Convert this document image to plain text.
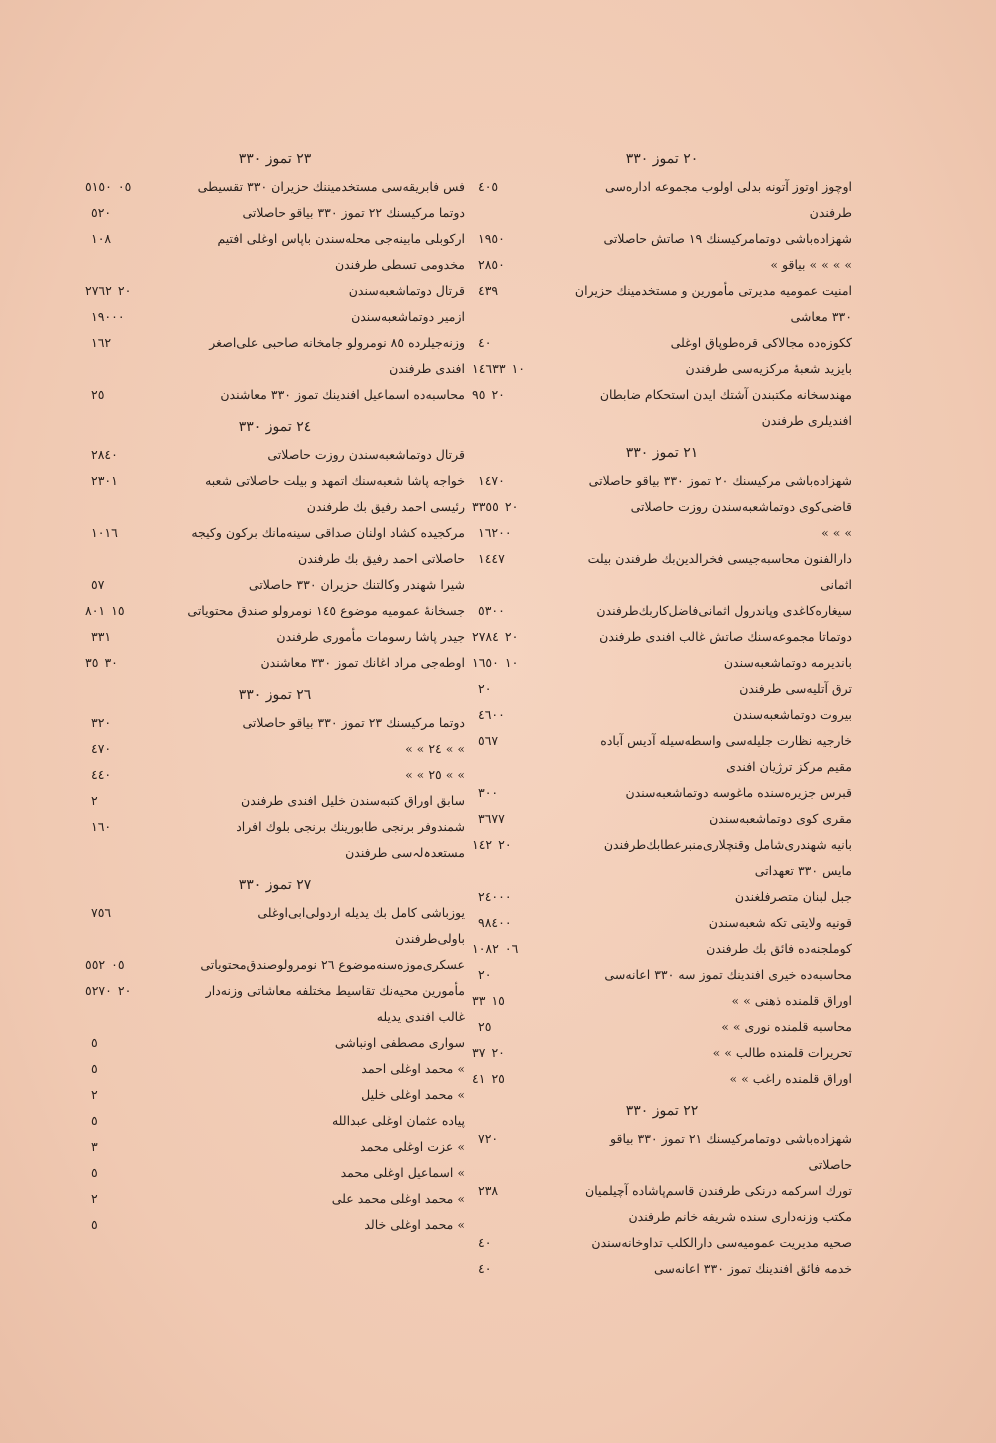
٢٠ تموز ٣٣٠
٤٠٥	اوچوز اوتوز آتونه بدلی اولوب مجموعه اداره‌سی طرفندن
١٩٥٠	شهزاده‌باشی دوتمامرکیسنك ١٩ صاتش حاصلاتی
٢٨٥٠	» » » » بياقو »
٤٣٩	امنیت عمومیه مدیرتی مأمورین و مستخدمینك حزیران ٣٣٠ معاشی
٤٠	ککوزه‌ده مجالاکی قره‌طوپاق اوغلی
١٤٦٣٣ ١٠	بایزید شعبهٔ مرکزیه‌سی طرفندن
٩٥ ٢٠	مهندسخانه مکتبندن آشتك ایدن استحکام ضابطان افندیلری طرفندن
٢١ تموز ٣٣٠
١٤٧٠	شهزاده‌باشی مرکیسنك ٢٠ تموز ٣٣٠ بیاقو حاصلاتی
٣٣٥٥ ٢٠	قاضی‌کوی دوتماشعبه‌سندن روزت حاصلاتی
١٦٢٠٠	» » »
١٤٤٧	دارالفنون محاسبه‌جیسی فخرالدین‌بك طرفندن بیلت اثمانی
٥٣٠٠	سیغاره‌كاغدی وپاندرول اثمانی‌فاضل‌كاربك‌طرفندن
٢٧٨٤ ٢٠	دوتماتا مجموعه‌سنك صاتش غالب افندی طرفندن
١٦٥٠ ١٠	باندیرمه دوتماشعبه‌سندن
٢٠	ترق آتلیه‌سی طرفندن
٤٦٠٠	بیروت دوتماشعبه‌سندن
٥٦٧	خارجیه نظارت جلیله‌سی واسطه‌سیله آدیس آباده مقیم مرکز ترژیان افندی
٣٠٠	قبرس جزیره‌سنده ماغوسه دوتماشعبه‌سندن
٣٦٧٧	مقری کوی دوتماشعبه‌سندن
١٤٢ ٢٠	بانیه شهندری‌شامل وقنچلاری‌منبرعطابك‌طرفندن مایس ٣٣٠ تعهداتی
٢٤٠٠٠	جبل لبنان متصرفلغندن
٩٨٤٠٠	قونیه ولایتی تکه شعبه‌سندن
١٠٨٢ ٠٦	کوملجنه‌ده فائق بك طرفندن
٢٠	محاسبه‌ده خیری افندینك تموز سه ٣٣٠ اعانه‌سی
٣٣ ١٥	اوراق قلمنده ذهنی » »
٢٥	محاسبه قلمنده نوری » »
٣٧ ٢٠	تحریرات قلمنده طالب » »
٤١ ٢٥	اوراق قلمنده راغب » »
٢٢ تموز ٣٣٠
٧٢٠	شهزاده‌باشی دوتمامرکیسنك ٢١ تموز ٣٣٠ بیاقو حاصلاتی
٢٣٨	تورك اسرکمه درنکی طرفندن قاسم‌پاشاده آچیلمیان مکتب وزنه‌داری سنده شریفه خانم طرفندن
٤٠	صحیه مدیریت عمومیه‌سی دارالکلب تداوخانه‌سندن
٤٠	خدمه فائق افندینك تموز ٣٣٠ اعانه‌سی
٢٣ تموز ٣٣٠
٥١٥٠ ٠٥	فس فابریقه‌سی مستخدمیننك حزیران ٣٣٠ تقسیطی
٥٢٠	دوتما مرکیسنك ٢٢ تموز ٣٣٠ بیاقو حاصلاتی
١٠٨	ارکوبلی مابینه‌جی محله‌سندن باپاس اوغلی افتیم مخدومی تسطی طرفندن
٢٧٦٢ ٢٠	قرتال دوتماشعبه‌سندن
١٩٠٠٠	ازمیر دوتماشعبه‌سندن
١٦٢	وزنه‌جیلرده ٨٥ نومرولو جامخانه صاحبی علی‌اصغر افندی طرفندن
٢٥	محاسبه‌ده اسماعیل افندینك تموز ٣٣٠ معاشندن
٢٤ تموز ٣٣٠
٢٨٤٠	قرتال دوتماشعبه‌سندن روزت حاصلاتی
٢٣٠١	خواجه پاشا شعبه‌سنك اتمهد و بیلت حاصلاتی شعبه رئیسی احمد رفیق بك طرفندن
١٠١٦	مرکجیده کشاد اولنان صداقی سینه‌مانك برکون وکیجه حاصلاتی احمد رفیق بك طرفندن
٥٧	شیرا شهندر وکالتنك حزیران ٣٣٠ حاصلاتی
٨٠١ ١٥	جسخانهٔ عمومیه موضوع ١٤٥ نومرولو صندق محتویاتی
٣٣١	جیدر پاشا رسومات مأموری طرفندن
٣٥ ٣٠	اوطه‌جی مراد اغانك تموز ٣٣٠ معاشندن
٢٦ تموز ٣٣٠
٣٢٠	دوتما مرکیسنك ٢٣ تموز ٣٣٠ بیاقو حاصلاتی
٤٧٠	» » ٢٤ » »
٤٤٠	» » ٢٥ » »
٢	سابق اوراق کتبه‌سندن خلیل افندی طرفندن
١٦٠	شمندوفر برنجی طابورینك برنجی بلوك افراد مستعدہ‌لہ‌سی طرفندن
٢٧ تموز ٣٣٠
٧٥٦	یوزباشی کامل بك یدیله اردولی‌ابی‌اوغلی باولی‌طرفندن
٥٥٢ ٠٥	عسکری‌موزه‌سنه‌موضوع ٢٦ نومرولوصندق‌محتویاتی
٥٢٧٠ ٢٠	مأمورین محیه‌نك تقاسیط مختلفه معاشاتی وزنه‌دار غالب افندی یدیله
٥	سواری مصطفی اونباشی
٥	» محمد اوغلی احمد
٢	» محمد اوغلی خلیل
٥	پیاده عثمان اوغلی عبدالله
٣	» عزت اوغلی محمد
٥	» اسماعیل اوغلی محمد
٢	» محمد اوغلی محمد علی
٥	» محمد اوغلی خالد
